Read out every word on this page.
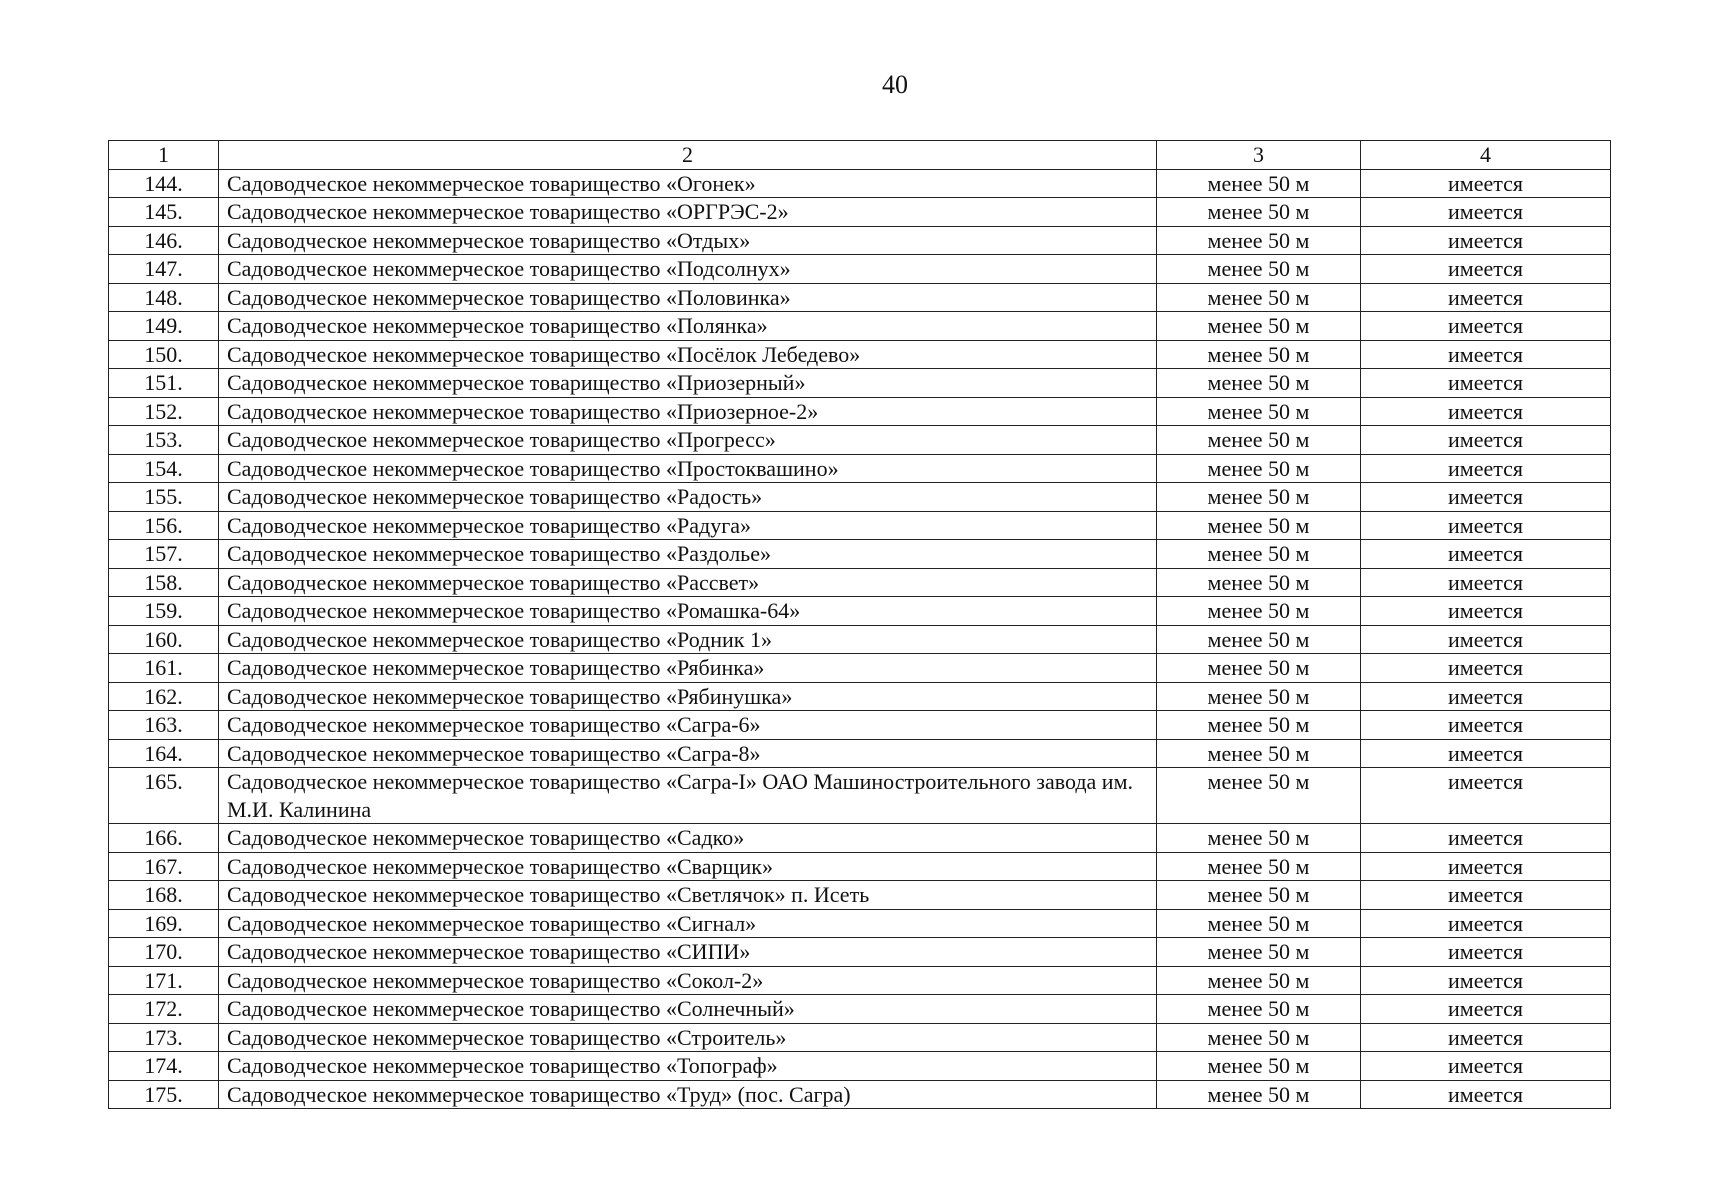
40
1	2	3	4
144.	Садоводческое некоммерческое товарищество «Огонек»	менее 50 м	имеется
145.	Садоводческое некоммерческое товарищество «ОРГРЭС-2»	менее 50 м	имеется
146.	Садоводческое некоммерческое товарищество «Отдых»	менее 50 м	имеется
147.	Садоводческое некоммерческое товарищество «Подсолнух»	менее 50 м	имеется
148.	Садоводческое некоммерческое товарищество «Половинка»	менее 50 м	имеется
149.	Садоводческое некоммерческое товарищество «Полянка»	менее 50 м	имеется
150.	Садоводческое некоммерческое товарищество «Посёлок Лебедево»	менее 50 м	имеется
151.	Садоводческое некоммерческое товарищество «Приозерный»	менее 50 м	имеется
152.	Садоводческое некоммерческое товарищество «Приозерное-2»	менее 50 м	имеется
153.	Садоводческое некоммерческое товарищество «Прогресс»	менее 50 м	имеется
154.	Садоводческое некоммерческое товарищество «Простоквашино»	менее 50 м	имеется
155.	Садоводческое некоммерческое товарищество «Радость»	менее 50 м	имеется
156.	Садоводческое некоммерческое товарищество «Радуга»	менее 50 м	имеется
157.	Садоводческое некоммерческое товарищество «Раздолье»	менее 50 м	имеется
158.	Садоводческое некоммерческое товарищество «Рассвет»	менее 50 м	имеется
159.	Садоводческое некоммерческое товарищество «Ромашка-64»	менее 50 м	имеется
160.	Садоводческое некоммерческое товарищество «Родник 1»	менее 50 м	имеется
161.	Садоводческое некоммерческое товарищество «Рябинка»	менее 50 м	имеется
162.	Садоводческое некоммерческое товарищество «Рябинушка»	менее 50 м	имеется
163.	Садоводческое некоммерческое товарищество «Сагра-6»	менее 50 м	имеется
164.	Садоводческое некоммерческое товарищество «Сагра-8»	менее 50 м	имеется
165.	Садоводческое некоммерческое товарищество «Сагра-I» ОАО Машиностроительного завода им. М.И. Калинина	менее 50 м	имеется
166.	Садоводческое некоммерческое товарищество «Садко»	менее 50 м	имеется
167.	Садоводческое некоммерческое товарищество «Сварщик»	менее 50 м	имеется
168.	Садоводческое некоммерческое товарищество «Светлячок» п. Исеть	менее 50 м	имеется
169.	Садоводческое некоммерческое товарищество «Сигнал»	менее 50 м	имеется
170.	Садоводческое некоммерческое товарищество «СИПИ»	менее 50 м	имеется
171.	Садоводческое некоммерческое товарищество «Сокол-2»	менее 50 м	имеется
172.	Садоводческое некоммерческое товарищество «Солнечный»	менее 50 м	имеется
173.	Садоводческое некоммерческое товарищество «Строитель»	менее 50 м	имеется
174.	Садоводческое некоммерческое товарищество «Топограф»	менее 50 м	имеется
175.	Садоводческое некоммерческое товарищество «Труд» (пос. Сагра)	менее 50 м	имеется
